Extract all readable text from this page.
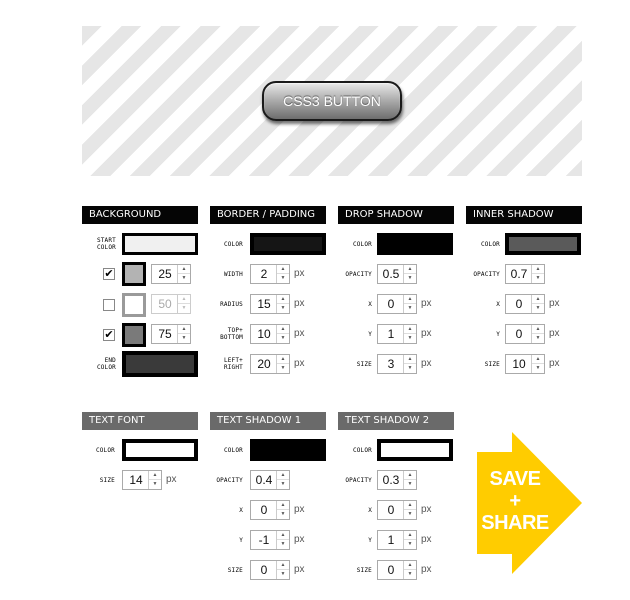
CSS3 BUTTON
BACKGROUND
START COLOR
✔	25	▲
▼
50	▲
▼
✔	75	▲
▼
END COLOR
BORDER / PADDING
COLOR
WIDTH	2	▲
▼ px
RADIUS	15	▲
▼ px
TOP+ BOTTOM	10	▲
▼ px
LEFT+ RIGHT	20	▲
▼ px
DROP SHADOW
COLOR
OPACITY 0.5	▲
▼
X	0	▲
▼ px
Y	1	▲
▼ px
SIZE	3	▲
▼ px
INNER SHADOW
COLOR
OPACITY 0.7	▲
▼
X	0	▲
▼ px
Y	0	▲
▼ px
SIZE	10	▲
▼ px
TEXT FONT
COLOR
SIZE	14	▲
▼ px
TEXT SHADOW 1
COLOR
OPACITY	0.4	▲
▼
X	0	▲
▼ px
Y	-1	▲
▼ px
SIZE	0	▲
▼ px
TEXT SHADOW 2
COLOR
OPACITY 0.3	▲
▼
X	0	▲
▼ px
Y	1	▲
▼ px
SIZE	0	▲
▼ px
SAVE
+
SHARE
